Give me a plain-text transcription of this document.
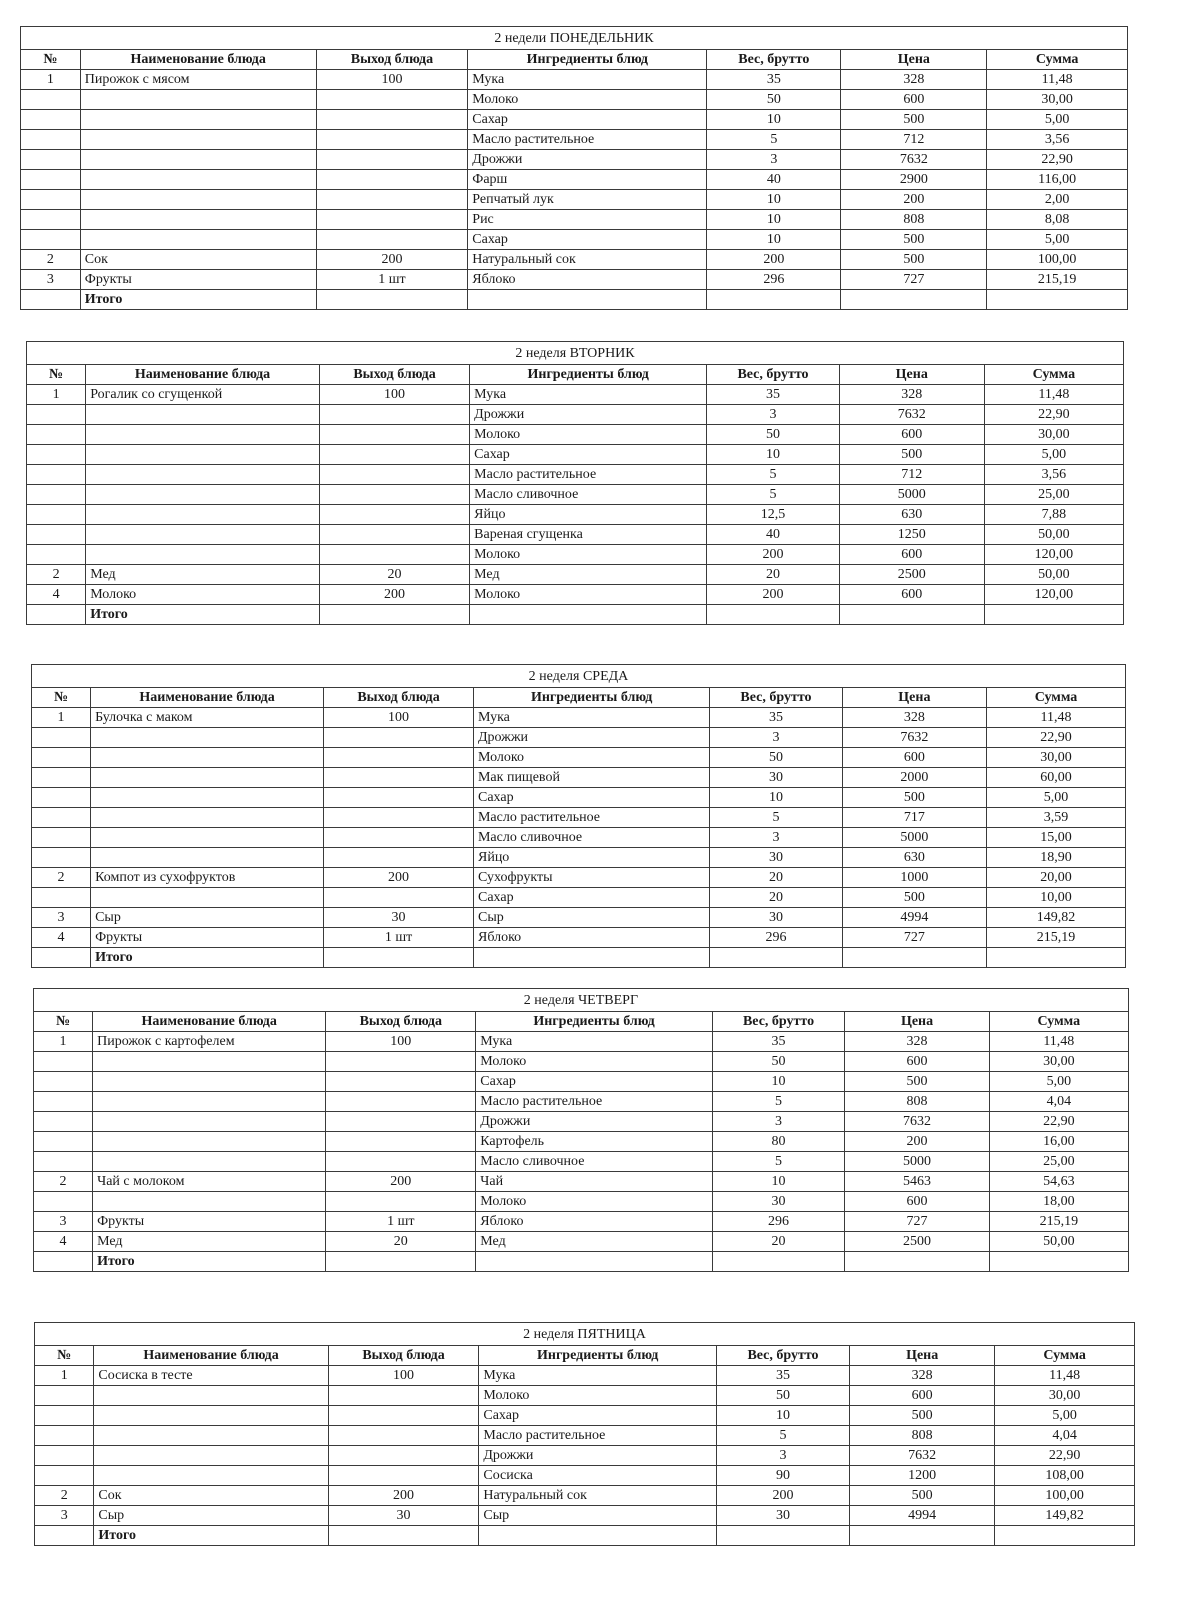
2 недели ПОНЕДЕЛЬНИК							
№	Наименование блюда	Выход блюда	Ингредиенты блюд	Вес, брутто	Цена	Сумма	
1	Пирожок с мясом	100	Мука	35	328	11,48	
			Молоко	50	600	30,00	
			Сахар	10	500	5,00	
			Масло растительное	5	712	3,56	
			Дрожжи	3	7632	22,90	
			Фарш	40	2900	116,00	
			Репчатый лук	10	200	2,00	
			Рис	10	808	8,08	
			Сахар	10	500	5,00	
2	Сок	200	Натуральный сок	200	500	100,00	
3	Фрукты	1 шт	Яблоко	296	727	215,19	
	Итого						
2 неделя ВТОРНИК							
№	Наименование блюда	Выход блюда	Ингредиенты блюд	Вес, брутто	Цена	Сумма	
1	Рогалик со сгущенкой	100	Мука	35	328	11,48	
			Дрожжи	3	7632	22,90	
			Молоко	50	600	30,00	
			Сахар	10	500	5,00	
			Масло растительное	5	712	3,56	
			Масло сливочное	5	5000	25,00	
			Яйцо	12,5	630	7,88	
			Вареная сгущенка	40	1250	50,00	
			Молоко	200	600	120,00	
2	Мед	20	Мед	20	2500	50,00	
4	Молоко	200	Молоко	200	600	120,00	
	Итого						
2 неделя СРЕДА							
№	Наименование блюда	Выход блюда	Ингредиенты блюд	Вес, брутто	Цена	Сумма	
1	Булочка с маком	100	Мука	35	328	11,48	
			Дрожжи	3	7632	22,90	
			Молоко	50	600	30,00	
			Мак пищевой	30	2000	60,00	
			Сахар	10	500	5,00	
			Масло растительное	5	717	3,59	
			Масло сливочное	3	5000	15,00	
			Яйцо	30	630	18,90	
2	Компот из сухофруктов	200	Сухофрукты	20	1000	20,00	
			Сахар	20	500	10,00	
3	Сыр	30	Сыр	30	4994	149,82	
4	Фрукты	1 шт	Яблоко	296	727	215,19	
	Итого						
2 неделя ЧЕТВЕРГ							
№	Наименование блюда	Выход блюда	Ингредиенты блюд	Вес, брутто	Цена	Сумма	
1	Пирожок с картофелем	100	Мука	35	328	11,48	
			Молоко	50	600	30,00	
			Сахар	10	500	5,00	
			Масло растительное	5	808	4,04	
			Дрожжи	3	7632	22,90	
			Картофель	80	200	16,00	
			Масло сливочное	5	5000	25,00	
2	Чай с молоком	200	Чай	10	5463	54,63	
			Молоко	30	600	18,00	
3	Фрукты	1 шт	Яблоко	296	727	215,19	
4	Мед	20	Мед	20	2500	50,00	
	Итого						
2 неделя ПЯТНИЦА							
№	Наименование блюда	Выход блюда	Ингредиенты блюд	Вес, брутто	Цена	Сумма	
1	Сосиска в тесте	100	Мука	35	328	11,48	
			Молоко	50	600	30,00	
			Сахар	10	500	5,00	
			Масло растительное	5	808	4,04	
			Дрожжи	3	7632	22,90	
			Сосиска	90	1200	108,00	
2	Сок	200	Натуральный сок	200	500	100,00	
3	Сыр	30	Сыр	30	4994	149,82	
	Итого						
